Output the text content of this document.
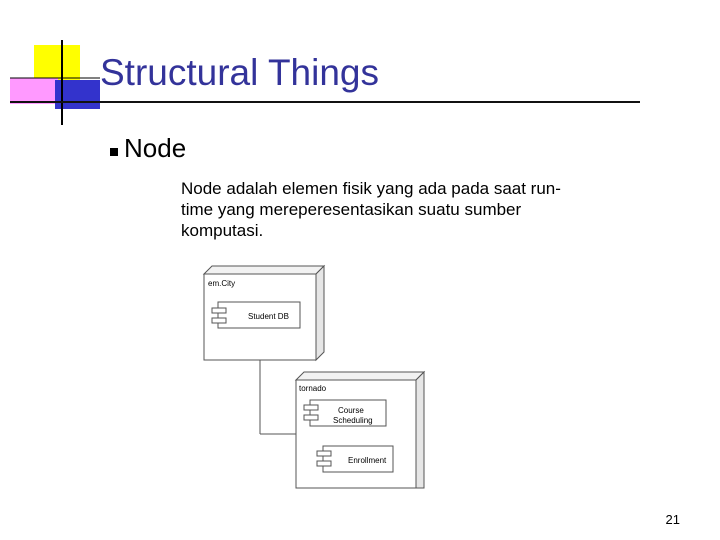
Structural Things
Node
Node adalah elemen fisik yang ada pada saat run-
time yang mereperesentasikan suatu sumber
komputasi.
em.City
Student DB
tornado
Course
Scheduling
Enrollment
21
